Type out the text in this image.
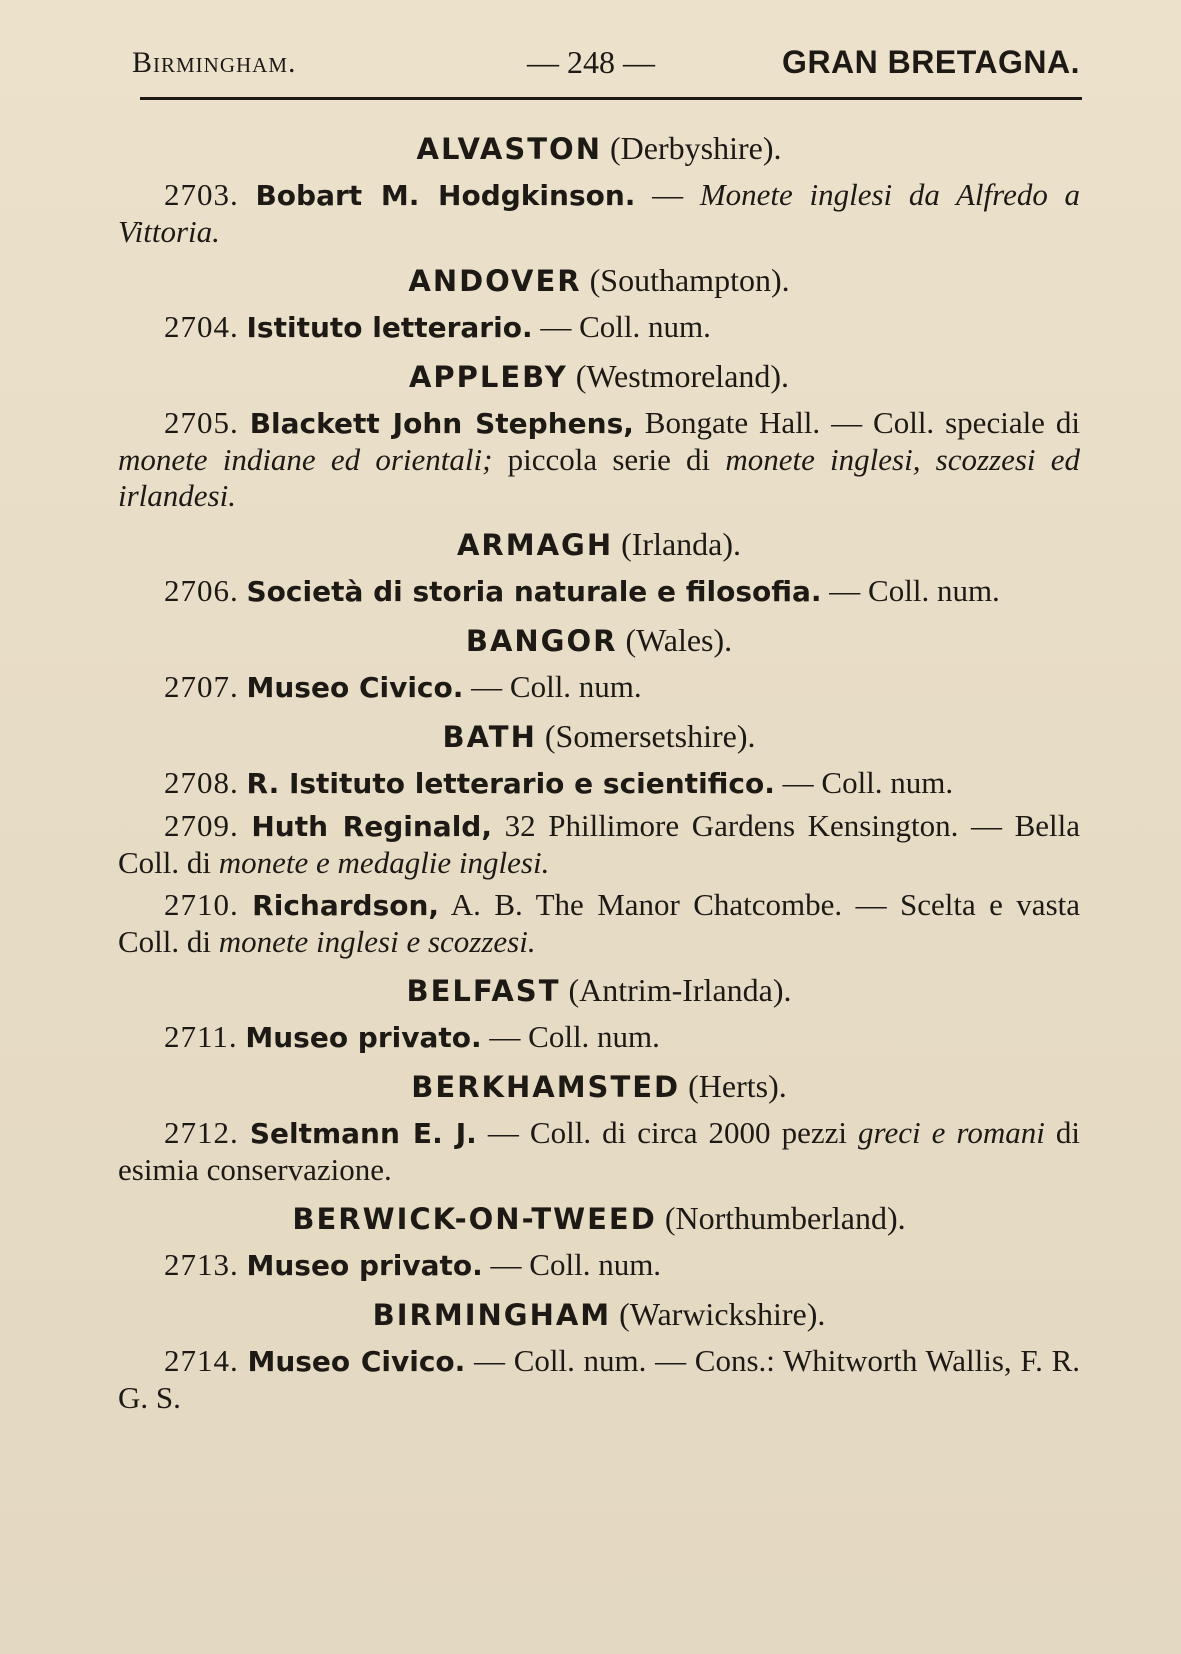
Birmingham.	— 248 —	GRAN BRETAGNA.
ALVASTON (Derbyshire).

2703. Bobart M. Hodgkinson. — Monete inglesi da Alfredo a Vittoria.

ANDOVER (Southampton).

2704. Istituto letterario. — Coll. num.

APPLEBY (Westmoreland).

2705. Blackett John Stephens, Bongate Hall. — Coll. speciale di monete indiane ed orientali; piccola serie di monete inglesi, scozzesi ed irlandesi.

ARMAGH (Irlanda).

2706. Società di storia naturale e filosofia. — Coll. num.

BANGOR (Wales).

2707. Museo Civico. — Coll. num.

BATH (Somersetshire).

2708. R. Istituto letterario e scientifico. — Coll. num.

2709. Huth Reginald, 32 Phillimore Gardens Kensington. — Bella Coll. di monete e medaglie inglesi.

2710. Richardson, A. B. The Manor Chatcombe. — Scelta e vasta Coll. di monete inglesi e scozzesi.

BELFAST (Antrim-Irlanda).

2711. Museo privato. — Coll. num.

BERKHAMSTED (Herts).

2712. Seltmann E. J. — Coll. di circa 2000 pezzi greci e romani di esimia conservazione.

BERWICK-ON-TWEED (Northumberland).

2713. Museo privato. — Coll. num.

BIRMINGHAM (Warwickshire).

2714. Museo Civico. — Coll. num. — Cons.: Whitworth Wallis, F. R. G. S.
